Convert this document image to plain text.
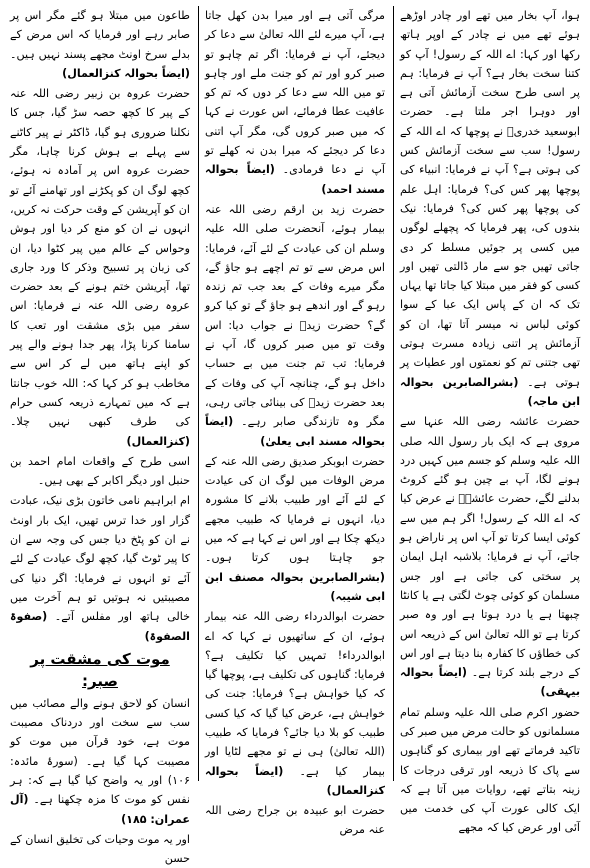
ہوا، آپ بخار میں تھے اور چادر اوڑھے ہوئے تھے میں نے چادر کے اوپر ہاتھ رکھا اور کہا: اے اللہ کے رسول! آپ کو کتنا سخت بخار ہے؟ آپ نے فرمایا: ہم پر اسی طرح سخت آزمائش آتی ہے اور دوہرا اجر ملتا ہے۔ حضرت ابوسعید خدریؓ نے پوچھا کہ اے اللہ کے رسول! سب سے سخت آزمائش کس کی ہوتی ہے؟ آپ نے فرمایا: انبیاء کی پوچھا پھر کس کی؟ فرمایا: اہل علم کی پوچھا پھر کس کی؟ فرمایا: نیک بندوں کی، پھر فرمایا کہ پچھلے لوگوں میں کسی پر جوئیں مسلط کر دی جاتی تھیں جو سے مار ڈالتی تھیں اور کسی کو فقر میں مبتلا کیا جاتا تھا یہاں تک کہ ان کے پاس ایک عبا کے سوا کوئی لباس نہ میسر آتا تھا، ان کو آزمائش پر اتنی زیادہ مسرت ہوتی تھی جتنی تم کو نعمتوں اور عطیات پر ہوتی ہے۔ (بشرالصابرین بحوالہ ابن ماجہ)

حضرت عائشہ رضی اللہ عنہا سے مروی ہے کہ ایک بار رسول اللہ صلی اللہ علیہ وسلم کو جسم میں کہیں درد ہونے لگا، آپ بے چین ہو گئے کروٹ بدلنے لگے، حضرت عائشہؓ نے عرض کیا کہ اے اللہ کے رسول! اگر ہم میں سے کوئی ایسا کرتا تو آپ اس پر ناراض ہو جاتے، آپ نے فرمایا: بلاشبہ اہل ایمان پر سختی کی جاتی ہے اور جس مسلمان کو کوئی چوٹ لگتی ہے یا کانٹا چبھتا ہے یا درد ہوتا ہے اور وہ صبر کرتا ہے تو اللہ تعالیٰ اس کے ذریعہ اس کی خطاؤں کا کفارہ بنا دیتا ہے اور اس کے درجے بلند کرتا ہے۔ (ایضاً بحوالہ بیہقی)

حضور اکرم صلی اللہ علیہ وسلم تمام مسلمانوں کو حالت مرض میں صبر کی تاکید فرماتے تھے اور بیماری کو گناہوں سے پاک کا ذریعہ اور ترقی درجات کا زینہ بتاتے تھے، روایات میں آتا ہے کہ ایک کالی عورت آپ کی خدمت میں آئی اور عرض کیا کہ مجھے

مرگی آتی ہے اور میرا بدن کھل جاتا ہے، آپ میرے لئے اللہ تعالیٰ سے دعا کر دیجئے، آپ نے فرمایا: اگر تم چاہو تو صبر کرو اور تم کو جنت ملے اور چاہو تو میں اللہ سے دعا کر دوں کہ تم کو عافیت عطا فرمائے، اس عورت نے کہا کہ میں صبر کروں گی، مگر آپ اتنی دعا کر دیجئے کہ میرا بدن نہ کھلے تو آپ نے دعا فرمادی۔ (ایضاً بحوالہ مسند احمد)

حضرت زید بن ارقم رضی اللہ عنہ بیمار ہوئے، آنحضرت صلی اللہ علیہ وسلم ان کی عیادت کے لئے آئے، فرمایا: اس مرض سے تو تم اچھے ہو جاؤ گے، مگر میرے وفات کے بعد جب تم زندہ رہو گے اور اندھے ہو جاؤ گے تو کیا کرو گے؟ حضرت زیدؓ نے جواب دیا: اس وقت تو میں صبر کروں گا، آپ نے فرمایا: تب تم جنت میں بے حساب داخل ہو گے، چنانچہ آپ کی وفات کے بعد حضرت زیدؓ کی بینائی جاتی رہی، مگر وہ تازندگی صابر رہے۔ (ایضاً بحوالہ مسند ابی یعلیٰ)

حضرت ابوبکر صدیق رضی اللہ عنہ کے مرض الوفات میں لوگ ان کی عیادت کے لئے آئے اور طبیب بلانے کا مشورہ دیا، انہوں نے فرمایا کہ طبیب مجھے دیکھ چکا ہے اور اس نے کہا ہے کہ میں جو چاہتا ہوں کرتا ہوں۔ (بشرالصابرین بحوالہ مصنف ابن ابی شیبہ)

حضرت ابوالدرداء رضی اللہ عنہ بیمار ہوئے، ان کے ساتھیوں نے کہا کہ اے ابوالدرداء! تمہیں کیا تکلیف ہے؟ فرمایا: گناہوں کی تکلیف ہے، پوچھا گیا کہ کیا خواہش ہے؟ فرمایا: جنت کی خواہش ہے، عرض کیا گیا کہ کیا کسی طبیب کو بلا دیا جائے؟ فرمایا کہ طبیب (اللہ تعالیٰ) ہی نے تو مجھے لٹایا اور بیمار کیا ہے۔ (ایضاً بحوالہ کنزالعمال)

حضرت ابو عبیدہ بن جراح رضی اللہ عنہ مرض

طاعون میں مبتلا ہو گئے مگر اس پر صابر رہے اور فرمایا کہ اس مرض کے بدلے سرخ اونٹ مجھے پسند نہیں ہیں۔ (ایضاً بحوالہ کنزالعمال)

حضرت عروہ بن زبیر رضی اللہ عنہ کے پیر کا کچھ حصہ سڑ گیا، جس کا نکلنا ضروری ہو گیا، ڈاکٹر نے پیر کاٹنے سے پہلے بے ہوش کرنا چاہا، مگر حضرت عروہ اس پر آمادہ نہ ہوئے، کچھ لوگ ان کو پکڑنے اور تھامنے آئے تو ان کو آپریشن کے وقت حرکت نہ کریں، انہوں نے ان کو منع کر دیا اور ہوش وحواس کے عالم میں پیر کٹوا دیا، ان کی زبان پر تسبیح وذکر کا ورد جاری تھا، آپریشن ختم ہونے کے بعد حضرت عروہ رضی اللہ عنہ نے فرمایا: اس سفر میں بڑی مشقت اور تعب کا سامنا کرنا پڑا، پھر جدا ہونے والے پیر کو اپنے ہاتھ میں لے کر اس سے مخاطب ہو کر کہا کہ: اللہ خوب جانتا ہے کہ میں تمہارے ذریعہ کسی حرام کی طرف کبھی نہیں چلا۔ (کنزالعمال)

اسی طرح کے واقعات امام احمد بن حنبل اور دیگر اکابر کے بھی ہیں۔

ام ابراہیم نامی خاتون بڑی نیک، عبادت گزار اور خدا ترس تھیں، ایک بار اونٹ نے ان کو پٹخ دیا جس کی وجہ سے ان کا پیر ٹوٹ گیا، کچھ لوگ عیادت کے لئے آئے تو انہوں نے فرمایا: اگر دنیا کی مصیبتیں نہ ہوتیں تو ہم آخرت میں خالی ہاتھ اور مفلس آتے۔ (صفوۃ الصفوۃ)

موت کی مشقت پر صبر:

انسان کو لاحق ہونے والے مصائب میں سب سے سخت اور دردناک مصیبت موت ہے، خود قرآن میں موت کو مصیبت کہا گیا ہے۔ (سورۂ مائدہ: ۱۰۶) اور یہ واضح کیا گیا ہے کہ: ہر نفس کو موت کا مزہ چکھنا ہے۔ (آل عمران: ۱۸۵)

اور یہ موت وحیات کی تخلیق انسان کے حسن
